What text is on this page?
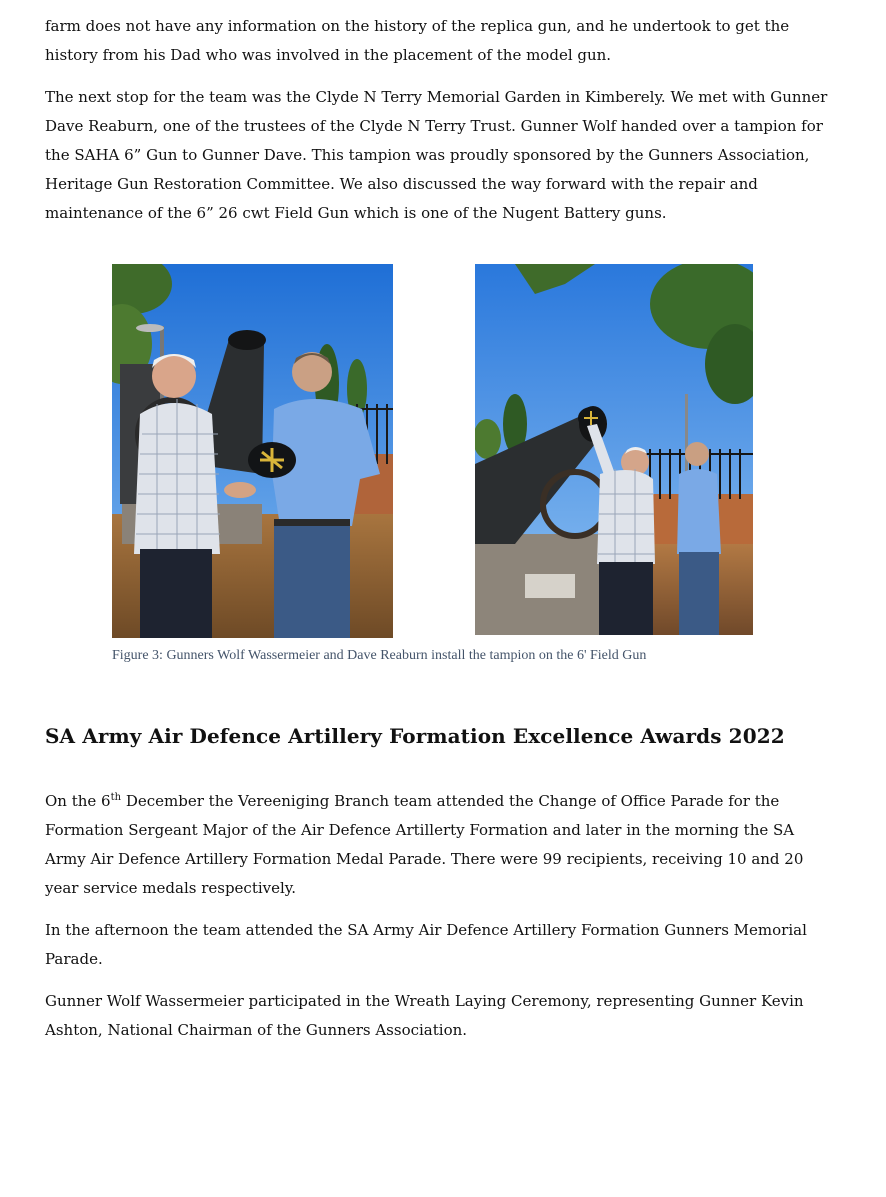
farm does not have any information on the history of the replica gun, and he undertook to get the history from his Dad who was involved in the placement of the model gun.

The next stop for the team was the Clyde N Terry Memorial Garden in Kimberely. We met with Gunner Dave Reaburn, one of the trustees of the Clyde N Terry Trust. Gunner Wolf handed over a tampion for the SAHA 6” Gun to Gunner Dave. This tampion was proudly sponsored by the Gunners Association, Heritage Gun Restoration Committee. We also discussed the way forward with the repair and maintenance of the 6” 26 cwt Field Gun which is one of the Nugent Battery guns.

Figure 3: Gunners Wolf Wassermeier and Dave Reaburn install the tampion on the 6' Field Gun

SA Army Air Defence Artillery Formation Excellence Awards 2022

On the 6th December the Vereeniging Branch team attended the Change of Office Parade for the Formation Sergeant Major of the Air Defence Artillerty Formation and later in the morning the SA Army Air Defence Artillery Formation Medal Parade. There were 99 recipients, receiving 10 and 20 year service medals respectively.

In the afternoon the team attended the SA Army Air Defence Artillery Formation Gunners Memorial Parade.

Gunner Wolf Wassermeier participated in the Wreath Laying Ceremony, representing Gunner Kevin Ashton, National Chairman of the Gunners Association.
